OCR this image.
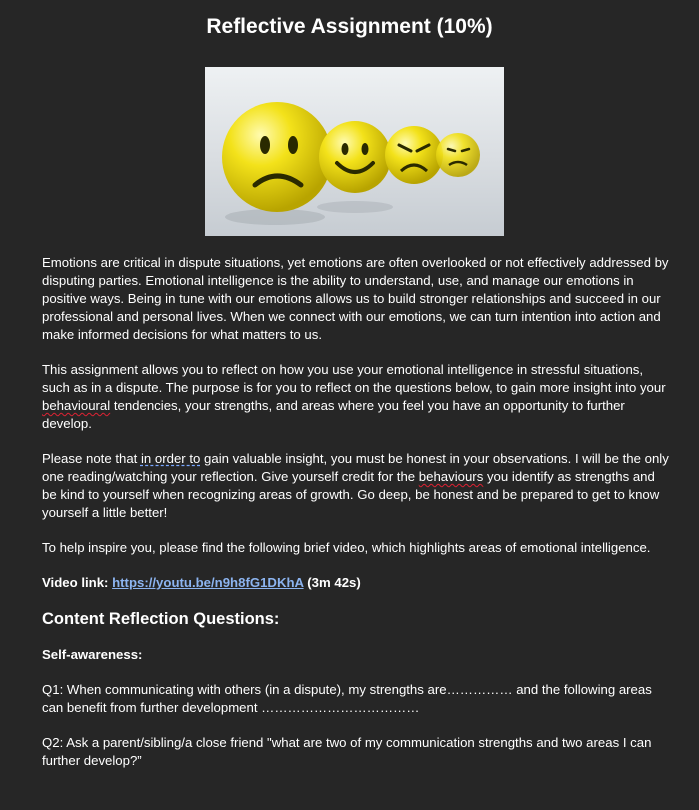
Reflective Assignment (10%)

Emotions are critical in dispute situations, yet emotions are often overlooked or not effectively addressed by disputing parties. Emotional intelligence is the ability to understand, use, and manage our emotions in positive ways. Being in tune with our emotions allows us to build stronger relationships and succeed in our professional and personal lives. When we connect with our emotions, we can turn intention into action and make informed decisions for what matters to us.

This assignment allows you to reflect on how you use your emotional intelligence in stressful situations, such as in a dispute. The purpose is for you to reflect on the questions below, to gain more insight into your behavioural tendencies, your strengths, and areas where you feel you have an opportunity to further develop.

Please note that in order to gain valuable insight, you must be honest in your observations. I will be the only one reading/watching your reflection. Give yourself credit for the behaviours you identify as strengths and be kind to yourself when recognizing areas of growth. Go deep, be honest and be prepared to get to know yourself a little better!

To help inspire you, please find the following brief video, which highlights areas of emotional intelligence.

Video link: https://youtu.be/n9h8fG1DKhA (3m 42s)

Content Reflection Questions:

Self-awareness:

Q1: When communicating with others (in a dispute), my strengths are…………… and the following areas can benefit from further development ………………………………

Q2: Ask a parent/sibling/a close friend "what are two of my communication strengths and two areas I can further develop?”
